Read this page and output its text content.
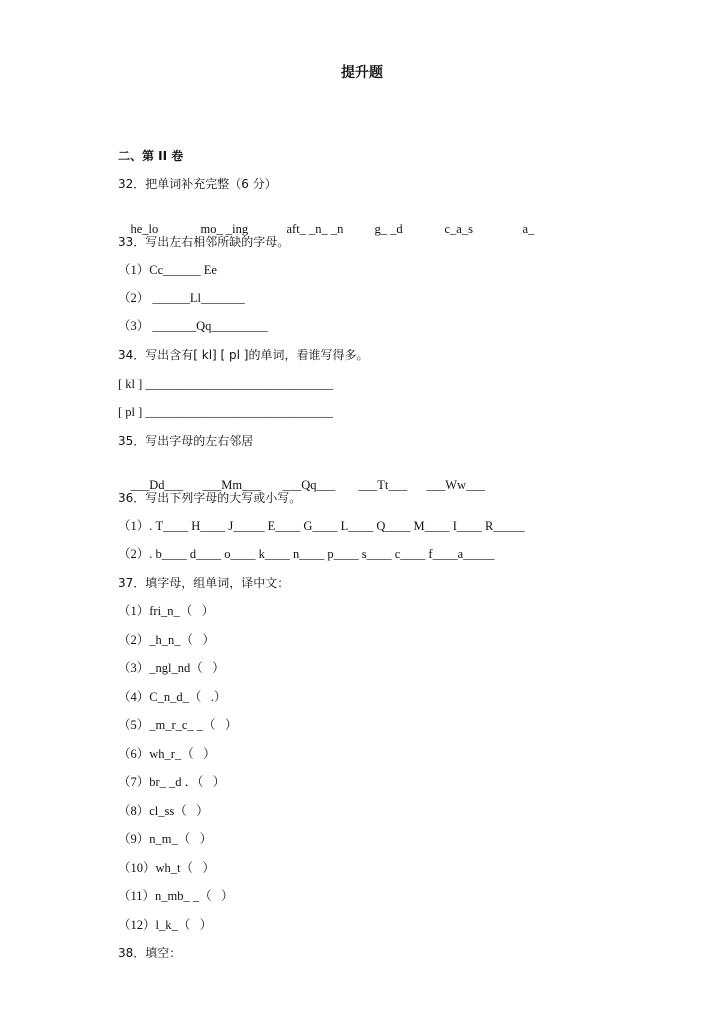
提升题
二、第 II 卷
32．把单词补充完整（6 分）

he_lo	mo_ _ing	aft_ _n_ _n g_ _d	c_a_s	a_

33．写出左右相邻所缺的字母。
（1）Cc______ Ee
（2） ______Ll_______
（3） _______Qq_________
34．写出含有[ kl] [ pl ]的单词，看谁写得多。
[ kl ] ______________________________
[ pl ] ______________________________
35．写出字母的左右邻居

___Dd___ ___Mm___ ___Qq___ ___Tt___ ___Ww___

36．写出下列字母的大写或小写。
（1）. T____ H____ J_____ E____ G____ L____ Q____ M____ I____ R_____
（2）. b____ d____ o____ k____ n____ p____ s____ c____ f____a_____
37．填字母，组单词，译中文：
（1）fri_n_（   ）
（2）_h_n_（   ）
（3）_ngl_nd（   ）
（4）C_n_d_（   .）
（5）_m_r_c_ _（   ）
（6）wh_r_（   ）
（7）br_ _d ．（   ）
（8）cl_ss（   ）
（9）n_m_（   ）
（10）wh_t（   ）
（11）n_mb_ _（   ）
（12）l_k_（   ）
38．填空：
